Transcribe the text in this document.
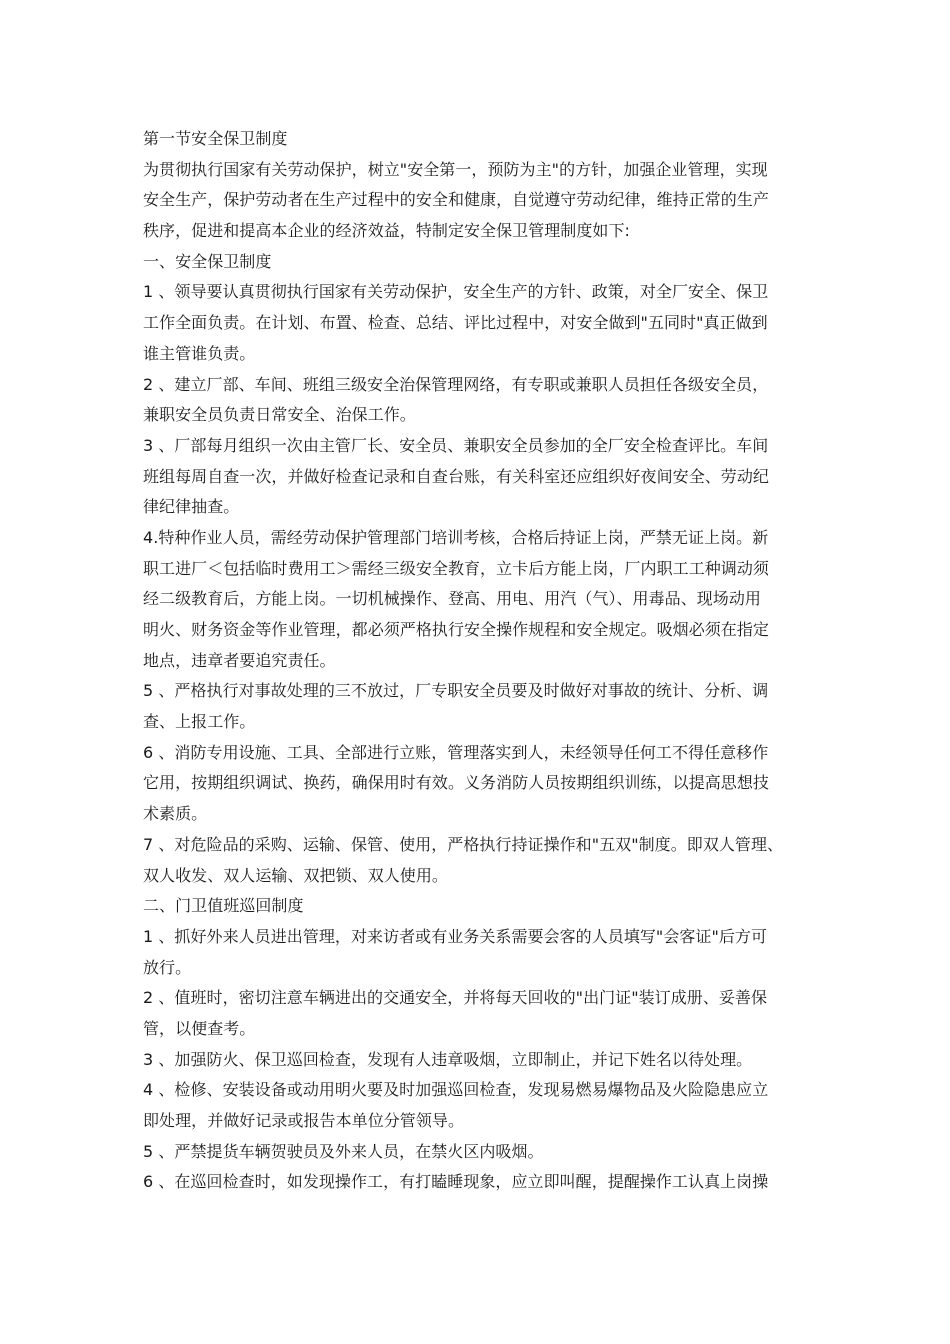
第一节安全保卫制度

为贯彻执行国家有关劳动保护，树立"安全第一，预防为主"的方针，加强企业管理，实现

安全生产，保护劳动者在生产过程中的安全和健康，自觉遵守劳动纪律，维持正常的生产

秩序，促进和提高本企业的经济效益，特制定安全保卫管理制度如下:

一、安全保卫制度

1 、领导要认真贯彻执行国家有关劳动保护，安全生产的方针、政策，对全厂安全、保卫

工作全面负责。在计划、布置、检查、总结、评比过程中，对安全做到"五同时"真正做到

谁主管谁负责。

2 、建立厂部、车间、班组三级安全治保管理网络，有专职或兼职人员担任各级安全员，

兼职安全员负责日常安全、治保工作。

3 、厂部每月组织一次由主管厂长、安全员、兼职安全员参加的全厂安全检查评比。车间

班组每周自查一次，并做好检查记录和自查台账，有关科室还应组织好夜间安全、劳动纪

律纪律抽查。

4.特种作业人员，需经劳动保护管理部门培训考核，合格后持证上岗，严禁无证上岗。新

职工进厂＜包括临时费用工＞需经三级安全教育，立卡后方能上岗，厂内职工工种调动须

经二级教育后，方能上岗。一切机械操作、登高、用电、用汽（气）、用毒品、现场动用

明火、财务资金等作业管理，都必须严格执行安全操作规程和安全规定。吸烟必须在指定

地点，违章者要追究责任。

5 、严格执行对事故处理的三不放过，厂专职安全员要及时做好对事故的统计、分析、调

查、上报工作。

6 、消防专用设施、工具、全部进行立账，管理落实到人，未经领导任何工不得任意移作

它用，按期组织调试、换药，确保用时有效。义务消防人员按期组织训练，以提高思想技

术素质。

7 、对危险品的采购、运输、保管、使用，严格执行持证操作和"五双"制度。即双人管理、

双人收发、双人运输、双把锁、双人使用。

二、门卫值班巡回制度

1 、抓好外来人员进出管理，对来访者或有业务关系需要会客的人员填写"会客证"后方可

放行。

2 、值班时，密切注意车辆进出的交通安全，并将每天回收的"出门证"装订成册、妥善保

管，以便查考。

3 、加强防火、保卫巡回检查，发现有人违章吸烟，立即制止，并记下姓名以待处理。

4 、检修、安装设备或动用明火要及时加强巡回检查，发现易燃易爆物品及火险隐患应立

即处理，并做好记录或报告本单位分管领导。

5 、严禁提货车辆贺驶员及外来人员，在禁火区内吸烟。

6 、在巡回检查时，如发现操作工，有打瞌睡现象，应立即叫醒，提醒操作工认真上岗操
